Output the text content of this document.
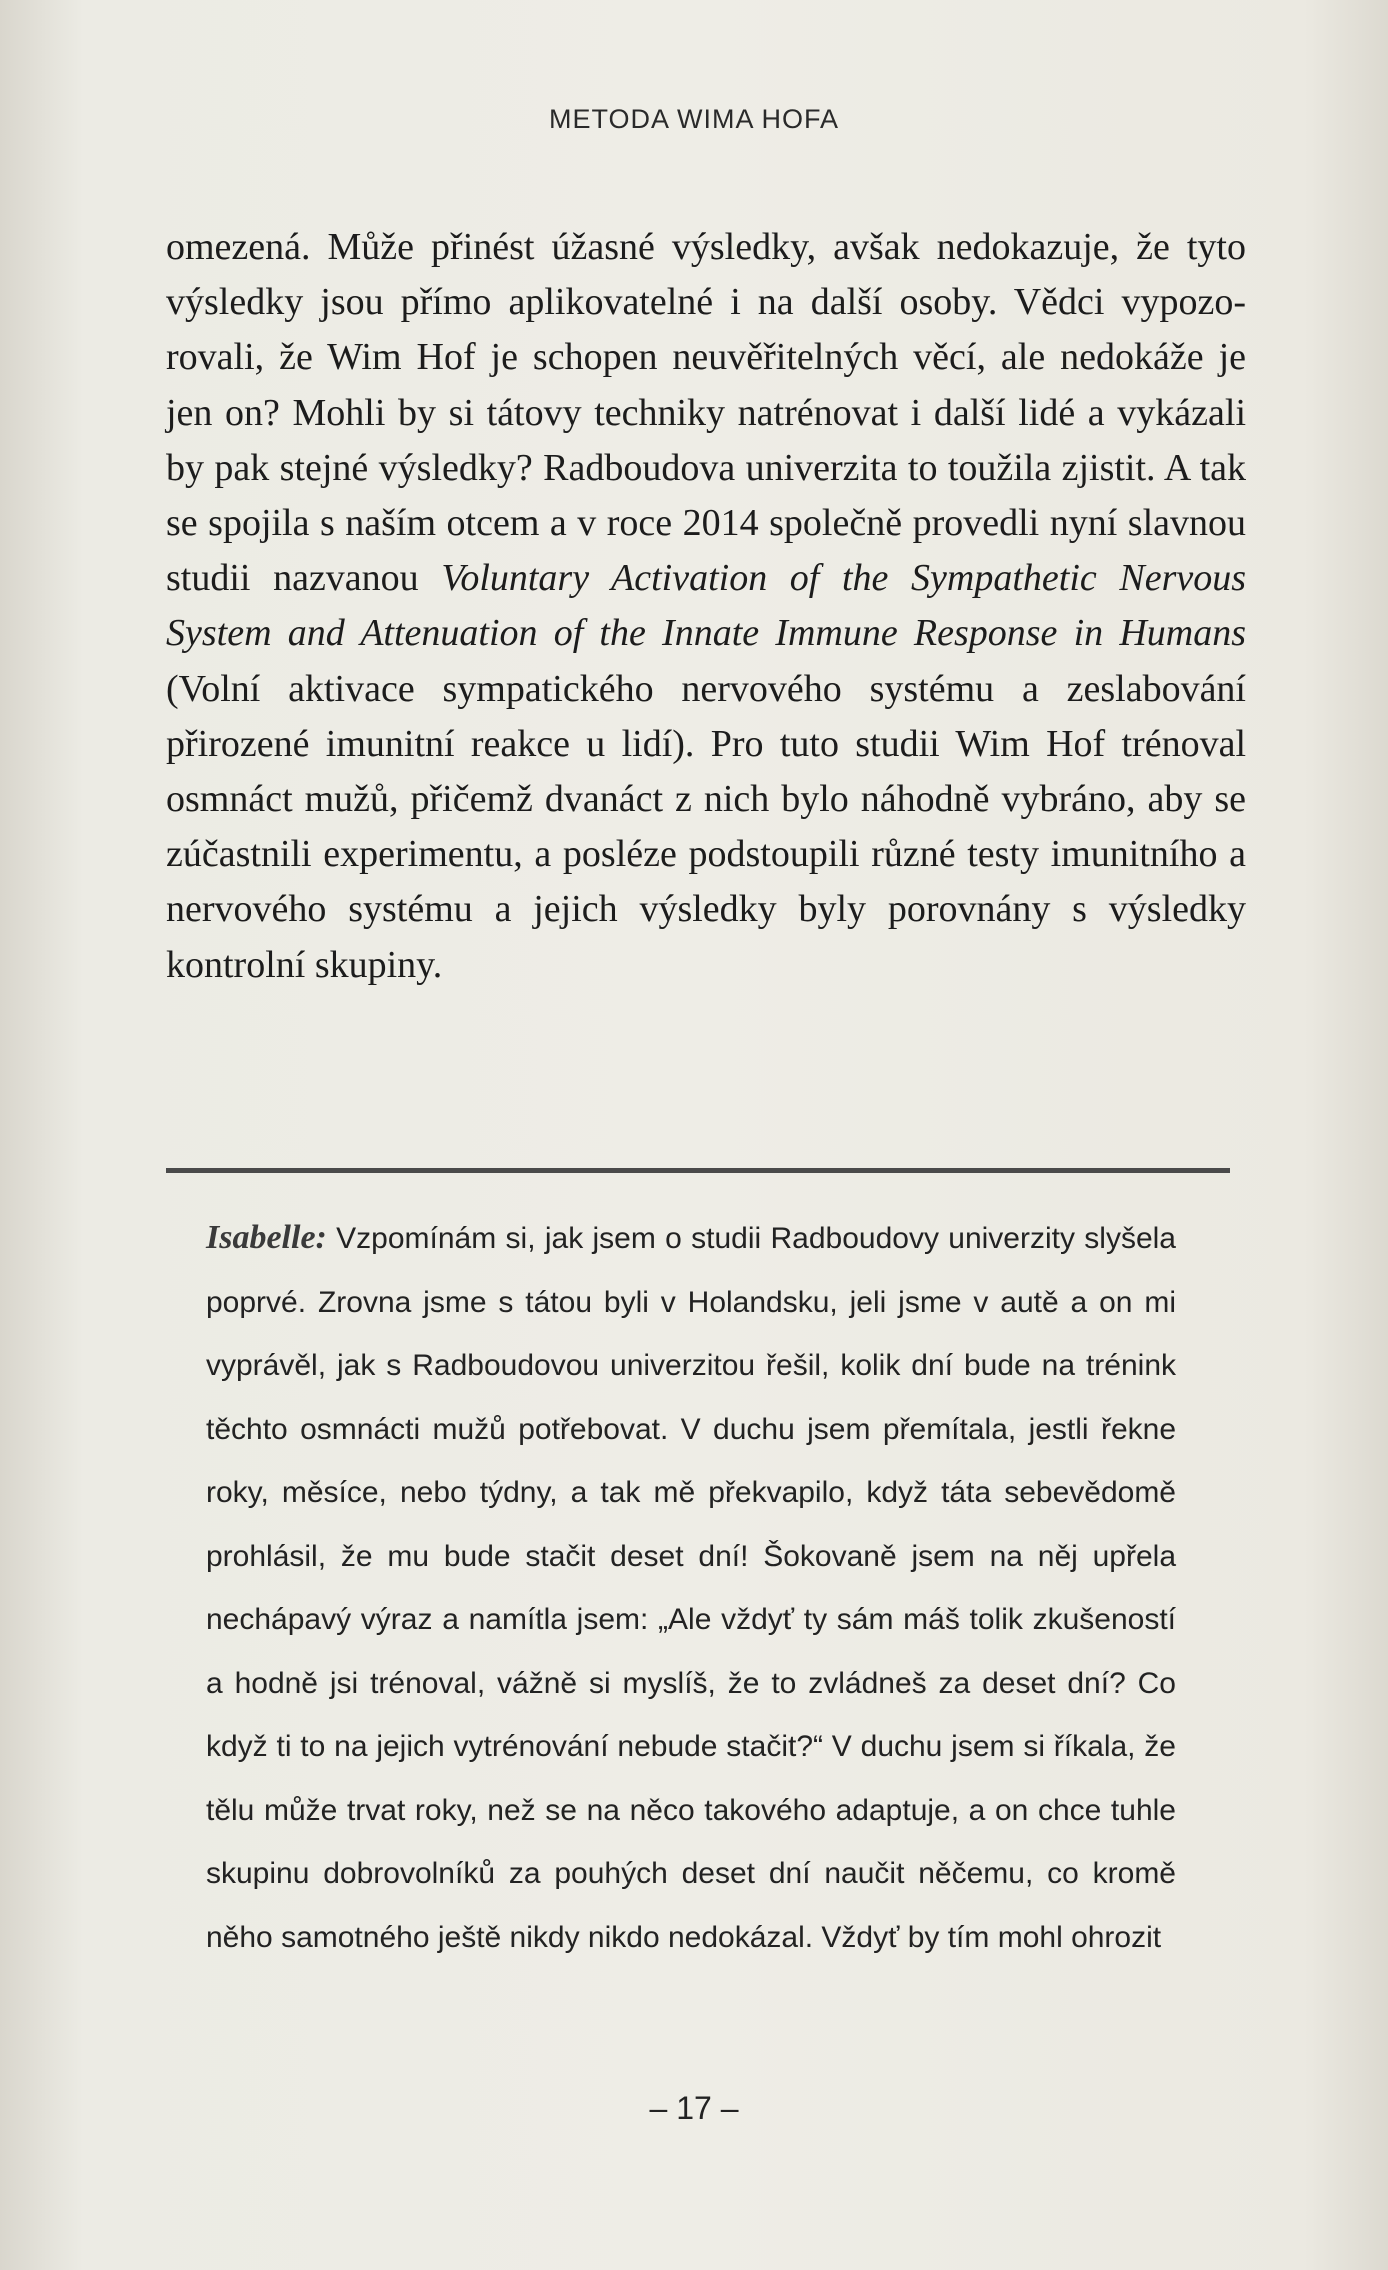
METODA WIMA HOFA

omezená. Může přinést úžasné výsledky, avšak nedokazuje, že tyto výsledky jsou přímo aplikovatelné i na další osoby. Vědci vypozorovali, že Wim Hof je schopen neuvěřitelných věcí, ale nedokáže je jen on? Mohli by si tátovy techniky natrénovat i další lidé a vykázali by pak stejné výsledky? Radboudova univerzita to toužila zjistit. A tak se spojila s naším otcem a v roce 2014 společně provedli nyní slavnou studii nazvanou Voluntary Activation of the Sympathetic Nervous System and Attenuation of the Innate Immune Response in Humans (Volní aktivace sympatického nervového systému a zeslabování přirozené imunitní reakce u lidí). Pro tuto studii Wim Hof trénoval osmnáct mužů, přičemž dvanáct z nich bylo náhodně vybráno, aby se zúčastnili experimentu, a posléze podstoupili různé testy imunitního a nervového systému a jejich výsledky byly porovnány s výsledky kontrolní skupiny.

Isabelle: Vzpomínám si, jak jsem o studii Radboudovy univerzity slyšela poprvé. Zrovna jsme s tátou byli v Holandsku, jeli jsme v autě a on mi vyprávěl, jak s Radboudovou univerzitou řešil, kolik dní bude na trénink těchto osmnácti mužů potřebovat. V duchu jsem přemítala, jestli řekne roky, měsíce, nebo týdny, a tak mě překvapilo, když táta sebevědomě prohlásil, že mu bude stačit deset dní! Šokovaně jsem na něj upřela nechápavý výraz a namítla jsem: „Ale vždyť ty sám máš tolik zkušeností a hodně jsi trénoval, vážně si myslíš, že to zvládneš za deset dní? Co když ti to na jejich vytrénování nebude stačit?“ V duchu jsem si říkala, že tělu může trvat roky, než se na něco takového adaptuje, a on chce tuhle skupinu dobrovolníků za pouhých deset dní naučit něčemu, co kromě něho samotného ještě nikdy nikdo nedokázal. Vždyť by tím mohl ohrozit

– 17 –
